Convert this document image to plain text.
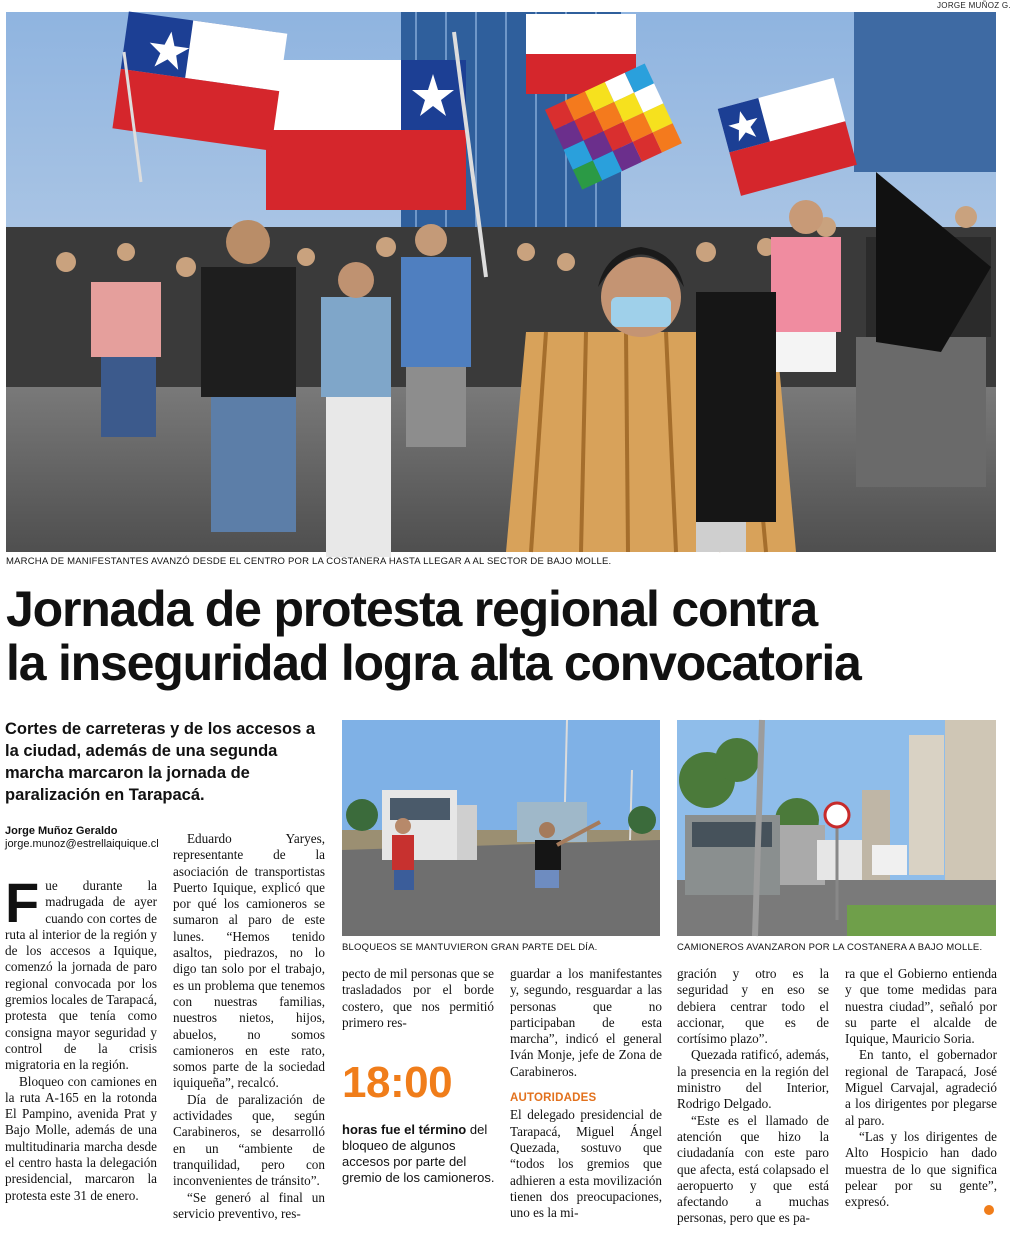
JORGE MUÑOZ G.
MARCHA DE MANIFESTANTES AVANZÓ DESDE EL CENTRO POR LA COSTANERA HASTA LLEGAR A AL SECTOR DE BAJO MOLLE.
Jornada de protesta regional contra
la inseguridad logra alta convocatoria
Cortes de carreteras y de los accesos a la ciudad, además de una segunda marcha marcaron la jornada de paralización en Tarapacá.
Jorge Muñoz Geraldo
jorge.munoz@estrellaiquique.cl
BLOQUEOS SE MANTUVIERON GRAN PARTE DEL DÍA.	CAMIONEROS AVANZARON POR LA COSTANERA A BAJO MOLLE.

Fue durante la madrugada de ayer cuando con cortes de ruta al interior de la región y de los accesos a Iquique, comenzó la jornada de paro regional convocada por los gremios locales de Tarapacá, protesta que tenía como consigna mayor seguridad y control de la crisis migratoria en la región.

Bloqueo con camiones en la ruta A-165 en la rotonda El Pampino, avenida Prat y Bajo Molle, además de una multitudinaria marcha desde el centro hasta la delegación presidencial, marcaron la protesta este 31 de enero.

Eduardo Yaryes, representante de la asociación de transportistas Puerto Iquique, explicó que por qué los camioneros se sumaron al paro de este lunes. “Hemos tenido asaltos, piedrazos, no lo digo tan solo por el trabajo, es un problema que tenemos con nuestras familias, nuestros nietos, hijos, abuelos, no somos camioneros en este rato, somos parte de la sociedad iquiqueña”, recalcó.

Día de paralización de actividades que, según Carabineros, se desarrolló en un “ambiente de tranquilidad, pero con inconvenientes de tránsito”.

“Se generó al final un servicio preventivo, res-

pecto de mil personas que se trasladados por el borde costero, que nos permitió primero res-

18:00
horas fue el término del bloqueo de algunos accesos por parte del gremio de los camioneros.

guardar a los manifestantes y, segundo, resguardar a las personas que no participaban de esta marcha”, indicó el general Iván Monje, jefe de Zona de Carabineros.

AUTORIDADES

El delegado presidencial de Tarapacá, Miguel Ángel Quezada, sostuvo que “todos los gremios que adhieren a esta movilización tienen dos preocupaciones, uno es la mi-

gración y otro es la seguridad y en eso se debiera centrar todo el accionar, que es de cortísimo plazo”.

Quezada ratificó, además, la presencia en la región del ministro del Interior, Rodrigo Delgado.

“Este es el llamado de atención que hizo la ciudadanía con este paro que afecta, está colapsado el aeropuerto y que está afectando a muchas personas, pero que es pa-

ra que el Gobierno entienda y que tome medidas para nuestra ciudad”, señaló por su parte el alcalde de Iquique, Mauricio Soria.

En tanto, el gobernador regional de Tarapacá, José Miguel Carvajal, agradeció a los dirigentes por plegarse al paro.

“Las y los dirigentes de Alto Hospicio han dado muestra de lo que significa pelear por su gente”, expresó.
